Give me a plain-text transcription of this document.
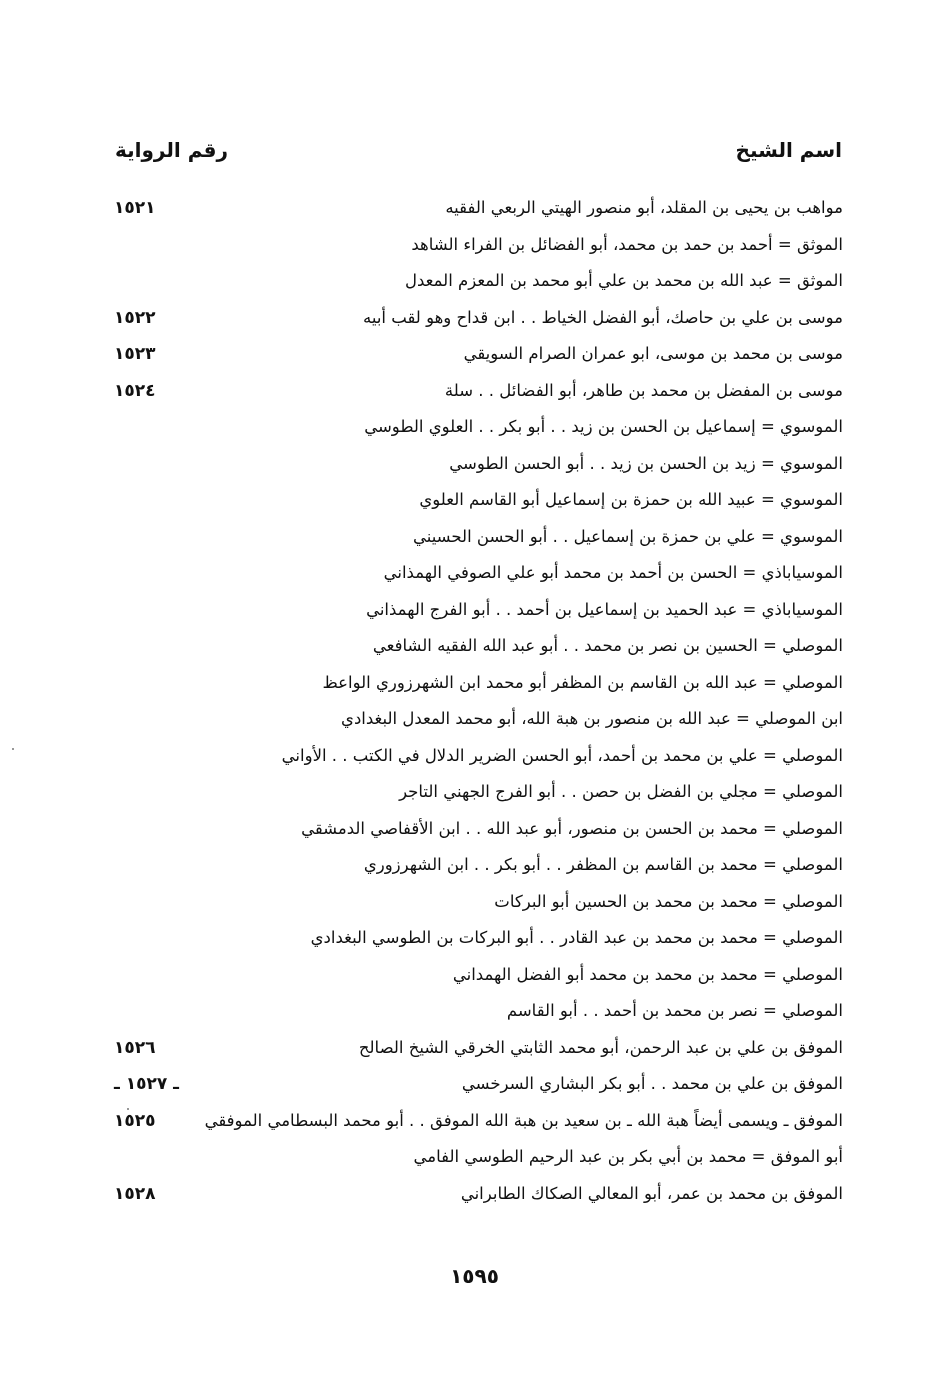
اسم الشيخ
رقم الرواية
مواهب بن يحيى بن المقلد، أبو منصور الهيتي الربعي الفقيه
١٥٢١
الموثق = أحمد بن حمد بن محمد، أبو الفضائل بن الفراء الشاهد
الموثق = عبد الله بن محمد بن علي أبو محمد بن المعزم المعدل
موسى بن علي بن حاصك، أبو الفضل الخياط . . ابن قداح وهو لقب أبيه
١٥٢٢
موسى بن محمد بن موسى، ابو عمران الصرام السويقي
١٥٢٣
موسى بن المفضل بن محمد بن طاهر، أبو الفضائل . . سلة
١٥٢٤
الموسوي = إسماعيل بن الحسن بن زيد . . أبو بكر . . العلوي الطوسي
الموسوي = زيد بن الحسن بن زيد . . أبو الحسن الطوسي
الموسوي = عبيد الله بن حمزة بن إسماعيل أبو القاسم العلوي
الموسوي = علي بن حمزة بن إسماعيل . . أبو الحسن الحسيني
الموسياباذي = الحسن بن أحمد بن محمد أبو علي الصوفي الهمذاني
الموسياباذي = عبد الحميد بن إسماعيل بن أحمد . . أبو الفرج الهمذاني
الموصلي = الحسين بن نصر بن محمد . . أبو عبد الله الفقيه الشافعي
الموصلي = عبد الله بن القاسم بن المظفر أبو محمد ابن الشهرزوري الواعظ
ابن الموصلي = عبد الله بن منصور بن هبة الله، أبو محمد المعدل البغدادي
الموصلي = علي بن محمد بن أحمد، أبو الحسن الضرير الدلال في الكتب . . الأواني
الموصلي = مجلي بن الفضل بن حصن . . أبو الفرج الجهني التاجر
الموصلي = محمد بن الحسن بن منصور، أبو عبد الله . . ابن الأقفاصي الدمشقي
الموصلي = محمد بن القاسم بن المظفر . . أبو بكر . . ابن الشهرزوري
الموصلي = محمد بن محمد بن الحسين أبو البركات
الموصلي = محمد بن محمد بن عبد القادر . . أبو البركات بن الطوسي البغدادي
الموصلي = محمد بن محمد بن محمد أبو الفضل الهمداني
الموصلي = نصر بن محمد بن أحمد . . أبو القاسم
الموفق بن علي بن عبد الرحمن، أبو محمد الثابتي الخرقي الشيخ الصالح
١٥٢٦
الموفق بن علي بن محمد . . أبو بكر البشاري السرخسي
ـ ١٥٢٧ ـ
الموفق ـ ويسمى أيضاً هبة الله ـ بن سعيد بن هبة الله الموفق . . أبو محمد البسطامي الموفقي
١٥٢٥
أبو الموفق = محمد بن أبي بكر بن عبد الرحيم الطوسي الفامي
الموفق بن محمد بن عمر، أبو المعالي الصكاك الطابراني
١٥٢٨
١٥٩٥
